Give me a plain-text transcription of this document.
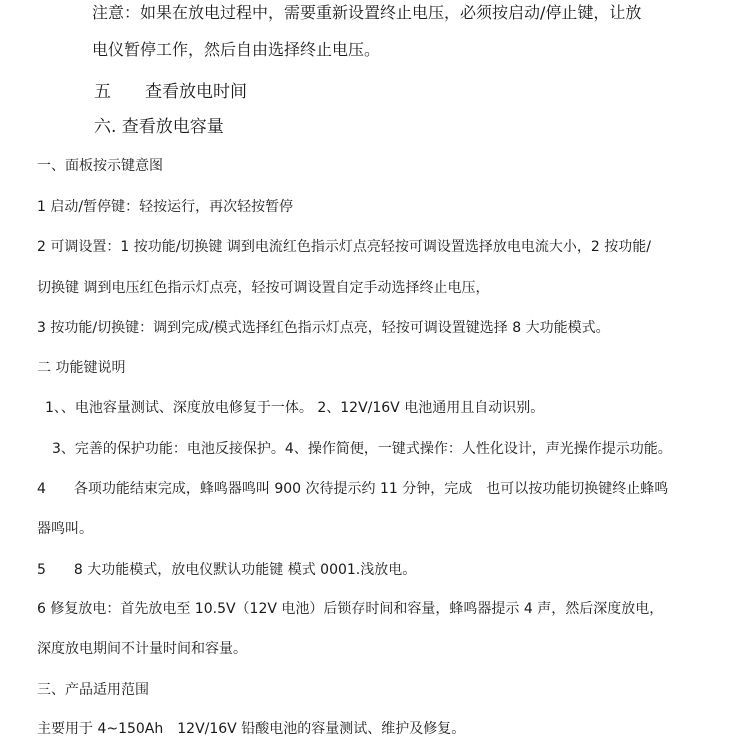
注意：如果在放电过程中，需要重新设置终止电压，必须按启动/停止键，让放
电仪暂停工作，然后自由选择终止电压。
五　　查看放电时间
六. 查看放电容量
一、面板按示键意图
1 启动/暂停键：轻按运行，再次轻按暂停
2 可调设置：1 按功能/切换键 调到电流红色指示灯点亮轻按可调设置选择放电电流大小，2 按功能/
切换键 调到电压红色指示灯点亮，轻按可调设置自定手动选择终止电压，
3 按功能/切换键：调到完成/模式选择红色指示灯点亮，轻按可调设置键选择 8 大功能模式。
二 功能键说明
1、、电池容量测试、深度放电修复于一体。 2、12V/16V 电池通用且自动识别。
3、完善的保护功能：电池反接保护。4、操作简便，一键式操作：人性化设计，声光操作提示功能。
4　　各项功能结束完成，蜂鸣器鸣叫 900 次待提示约 11 分钟，完成　也可以按功能切换键终止蜂鸣
器鸣叫。
5　　8 大功能模式，放电仪默认功能键 模式 0001.浅放电。
6 修复放电：首先放电至 10.5V（12V 电池）后锁存时间和容量，蜂鸣器提示 4 声，然后深度放电，
深度放电期间不计量时间和容量。
三、产品适用范围
主要用于 4~150Ah　12V/16V 铅酸电池的容量测试、维护及修复。
